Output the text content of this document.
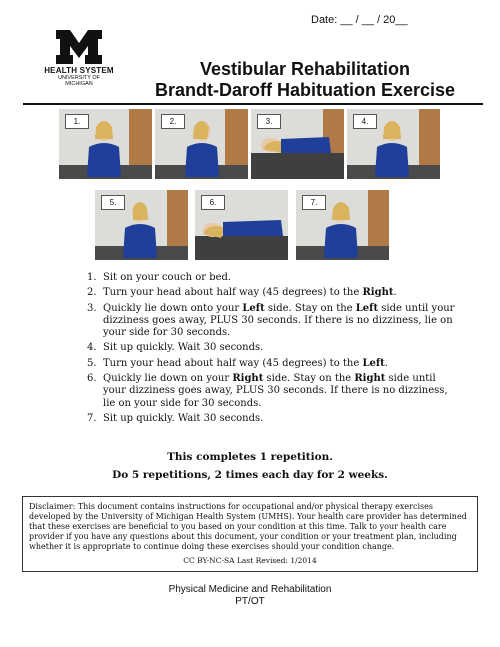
Date: __ / __ / 20__
HEALTH SYSTEM
UNIVERSITY OF MICHIGAN
Vestibular Rehabilitation
Brandt-Daroff Habituation Exercise
1.	2.	3.	4.
5.	6.	7.
1. Sit on your couch or bed.
2. Turn your head about half way (45 degrees) to the Right.
3. Quickly lie down onto your Left side. Stay on the Left side until your dizziness goes away, PLUS 30 seconds. If there is no dizziness, lie on your side for 30 seconds.
4. Sit up quickly. Wait 30 seconds.
5. Turn your head about half way (45 degrees) to the Left.
6. Quickly lie down on your Right side. Stay on the Right side until your dizziness goes away, PLUS 30 seconds. If there is no dizziness, lie on your side for 30 seconds.
7. Sit up quickly. Wait 30 seconds.
This completes 1 repetition.
Do 5 repetitions, 2 times each day for 2 weeks.
Disclaimer: This document contains instructions for occupational and/or physical therapy exercises developed by the University of Michigan Health System (UMHS). Your health care provider has determined that these exercises are beneficial to you based on your condition at this time. Talk to your health care provider if you have any questions about this document, your condition or your treatment plan, including whether it is appropriate to continue doing these exercises should your condition change.
CC BY-NC-SA Last Revised: 1/2014
Physical Medicine and Rehabilitation
PT/OT
